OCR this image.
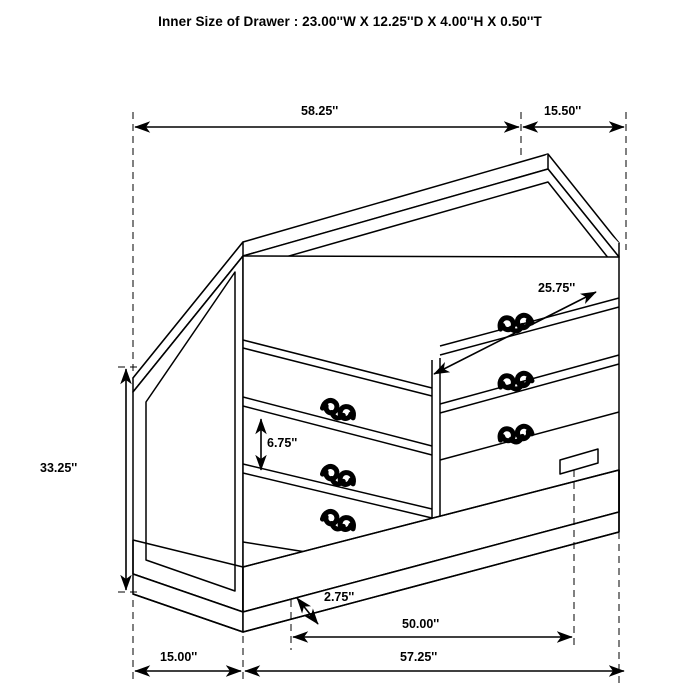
Inner Size of Drawer : 23.00''W X 12.25''D X 4.00''H X 0.50''T
58.25''	15.50''
25.75''
6.75''
33.25''
2.75''
50.00''
15.00''	57.25''
